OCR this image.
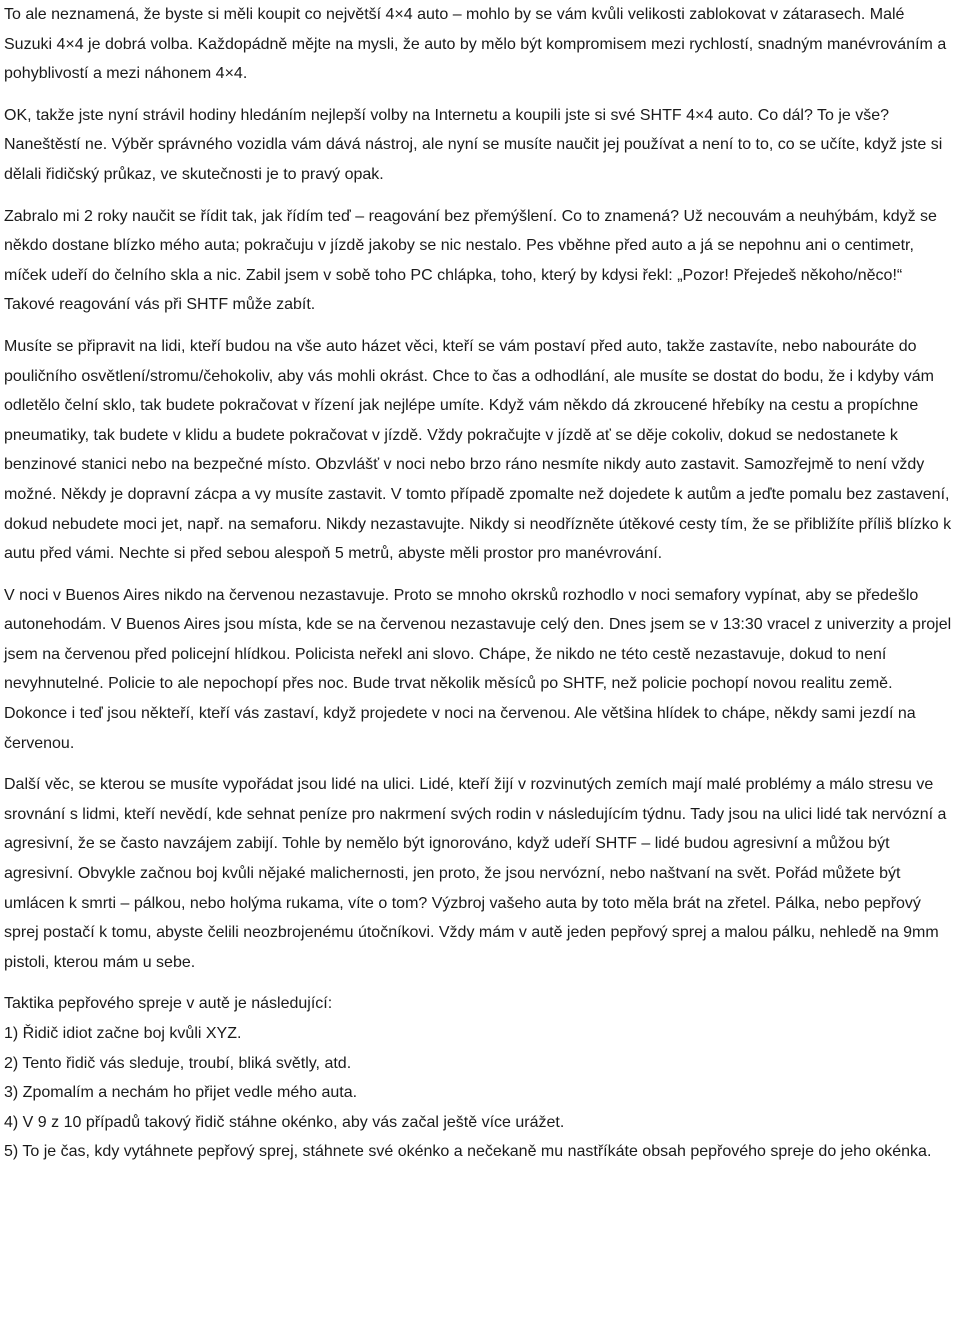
To ale neznamená, že byste si měli koupit co největší 4×4 auto – mohlo by se vám kvůli velikosti zablokovat v zátarasech. Malé Suzuki 4×4 je dobrá volba. Každopádně mějte na mysli, že auto by mělo být kompromisem mezi rychlostí, snadným manévrováním a pohyblivostí a mezi náhonem 4×4.

OK, takže jste nyní strávil hodiny hledáním nejlepší volby na Internetu a koupili jste si své SHTF 4×4 auto. Co dál? To je vše? Naneštěstí ne. Výběr správného vozidla vám dává nástroj, ale nyní se musíte naučit jej používat a není to to, co se učíte, když jste si dělali řidičský průkaz, ve skutečnosti je to pravý opak.

Zabralo mi 2 roky naučit se řídit tak, jak řídím teď – reagování bez přemýšlení. Co to znamená? Už necouvám a neuhýbám, když se někdo dostane blízko mého auta; pokračuju v jízdě jakoby se nic nestalo. Pes vběhne před auto a já se nepohnu ani o centimetr, míček udeří do čelního skla a nic. Zabil jsem v sobě toho PC chlápka, toho, který by kdysi řekl: „Pozor! Přejedeš někoho/něco!“ Takové reagování vás při SHTF může zabít.

Musíte se připravit na lidi, kteří budou na vše auto házet věci, kteří se vám postaví před auto, takže zastavíte, nebo nabouráte do pouličního osvětlení/stromu/čehokoliv, aby vás mohli okrást. Chce to čas a odhodlání, ale musíte se dostat do bodu, že i kdyby vám odletělo čelní sklo, tak budete pokračovat v řízení jak nejlépe umíte. Když vám někdo dá zkroucené hřebíky na cestu a propíchne pneumatiky, tak budete v klidu a budete pokračovat v jízdě. Vždy pokračujte v jízdě ať se děje cokoliv, dokud se nedostanete k benzinové stanici nebo na bezpečné místo. Obzvlášť v noci nebo brzo ráno nesmíte nikdy auto zastavit. Samozřejmě to není vždy možné. Někdy je dopravní zácpa a vy musíte zastavit. V tomto případě zpomalte než dojedete k autům a jeďte pomalu bez zastavení, dokud nebudete moci jet, např. na semaforu. Nikdy nezastavujte. Nikdy si neodřízněte útěkové cesty tím, že se přibližíte příliš blízko k autu před vámi. Nechte si před sebou alespoň 5 metrů, abyste měli prostor pro manévrování.

V noci v Buenos Aires nikdo na červenou nezastavuje. Proto se mnoho okrsků rozhodlo v noci semafory vypínat, aby se předešlo autonehodám. V Buenos Aires jsou místa, kde se na červenou nezastavuje celý den. Dnes jsem se v 13:30 vracel z univerzity a projel jsem na červenou před policejní hlídkou. Policista neřekl ani slovo. Chápe, že nikdo ne této cestě nezastavuje, dokud to není nevyhnutelné. Policie to ale nepochopí přes noc. Bude trvat několik měsíců po SHTF, než policie pochopí novou realitu země. Dokonce i teď jsou někteří, kteří vás zastaví, když projedete v noci na červenou. Ale většina hlídek to chápe, někdy sami jezdí na červenou.

Další věc, se kterou se musíte vypořádat jsou lidé na ulici. Lidé, kteří žijí v rozvinutých zemích mají malé problémy a málo stresu ve srovnání s lidmi, kteří nevědí, kde sehnat peníze pro nakrmení svých rodin v následujícím týdnu. Tady jsou na ulici lidé tak nervózní a agresivní, že se často navzájem zabijí. Tohle by nemělo být ignorováno, když udeří SHTF – lidé budou agresivní a můžou být agresivní. Obvykle začnou boj kvůli nějaké malichernosti, jen proto, že jsou nervózní, nebo naštvaní na svět. Pořád můžete být umlácen k smrti – pálkou, nebo holýma rukama, víte o tom? Výzbroj vašeho auta by toto měla brát na zřetel. Pálka, nebo pepřový sprej postačí k tomu, abyste čelili neozbrojenému útočníkovi. Vždy mám v autě jeden pepřový sprej a malou pálku, nehledě na 9mm pistoli, kterou mám u sebe.

Taktika pepřového spreje v autě je následující:

1) Řidič idiot začne boj kvůli XYZ.

2) Tento řidič vás sleduje, troubí, bliká světly, atd.

3) Zpomalím a nechám ho přijet vedle mého auta.

4) V 9 z 10 případů takový řidič stáhne okénko, aby vás začal ještě více urážet.

5) To je čas, kdy vytáhnete pepřový sprej, stáhnete své okénko a nečekaně mu nastříkáte obsah pepřového spreje do jeho okénka.
